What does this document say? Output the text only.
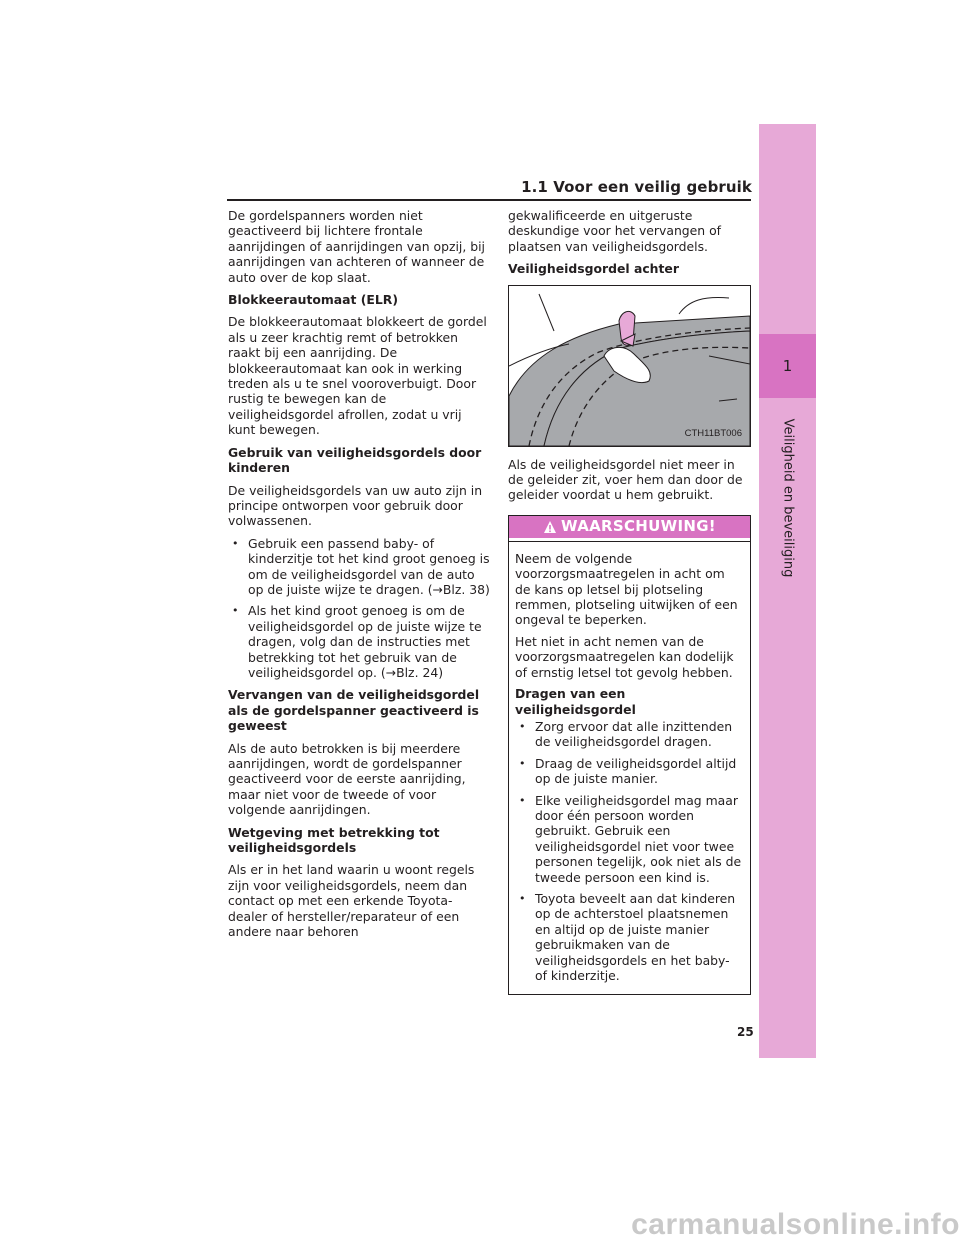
1.1 Voor een veilig gebruik
1
Veiligheid en beveiliging

De gordelspanners worden niet geactiveerd bij lichtere frontale aanrijdingen of aanrijdingen van opzij, bij aanrijdingen van achteren of wanneer de auto over de kop slaat.

Blokkeerautomaat (ELR)

De blokkeerautomaat blokkeert de gordel als u zeer krachtig remt of betrokken raakt bij een aanrijding. De blokkeerautomaat kan ook in werking treden als u te snel vooroverbuigt. Door rustig te bewegen kan de veiligheidsgordel afrollen, zodat u vrij kunt bewegen.

Gebruik van veiligheidsgordels door kinderen

De veiligheidsgordels van uw auto zijn in principe ontworpen voor gebruik door volwassenen.

• Gebruik een passend baby- of kinderzitje tot het kind groot genoeg is om de veiligheidsgordel van de auto op de juiste wijze te dragen. (→Blz. 38)
• Als het kind groot genoeg is om de veiligheidsgordel op de juiste wijze te dragen, volg dan de instructies met betrekking tot het gebruik van de veiligheidsgordel op. (→Blz. 24)
Vervangen van de veiligheidsgordel als de gordelspanner geactiveerd is geweest

Als de auto betrokken is bij meerdere aanrijdingen, wordt de gordelspanner geactiveerd voor de eerste aanrijding, maar niet voor de tweede of voor volgende aanrijdingen.

Wetgeving met betrekking tot veiligheidsgordels

Als er in het land waarin u woont regels zijn voor veiligheidsgordels, neem dan contact op met een erkende Toyota-dealer of hersteller/reparateur of een andere naar behoren

gekwalificeerde en uitgeruste deskundige voor het vervangen of plaatsen van veiligheidsgordels.

Veiligheidsgordel achter
CTH11BT006

Als de veiligheidsgordel niet meer in de geleider zit, voer hem dan door de geleider voordat u hem gebruikt.

WAARSCHUWING!

Neem de volgende voorzorgsmaatregelen in acht om de kans op letsel bij plotseling remmen, plotseling uitwijken of een ongeval te beperken.

Het niet in acht nemen van de voorzorgsmaatregelen kan dodelijk of ernstig letsel tot gevolg hebben.

Dragen van een veiligheidsgordel
• Zorg ervoor dat alle inzittenden de veiligheidsgordel dragen.
• Draag de veiligheidsgordel altijd op de juiste manier.
• Elke veiligheidsgordel mag maar door één persoon worden gebruikt. Gebruik een veiligheidsgordel niet voor twee personen tegelijk, ook niet als de tweede persoon een kind is.
• Toyota beveelt aan dat kinderen op de achterstoel plaatsnemen en altijd op de juiste manier gebruikmaken van de veiligheidsgordels en het baby- of kinderzitje.
25
carmanualsonline.info
